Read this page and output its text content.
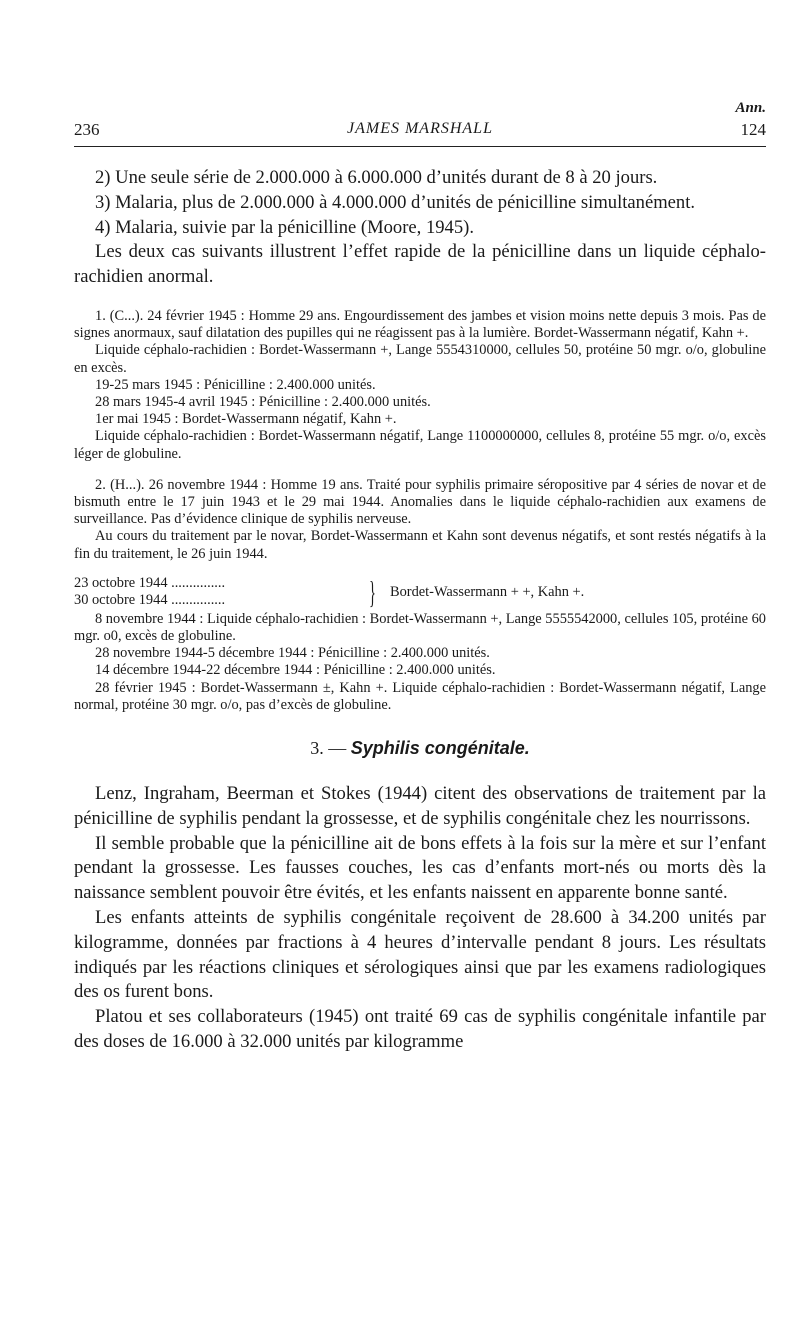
Ann.
236	JAMES MARSHALL	124

2) Une seule série de 2.000.000 à 6.000.000 d’unités durant de 8 à 20 jours.

3) Malaria, plus de 2.000.000 à 4.000.000 d’unités de pénicilline simultanément.

4) Malaria, suivie par la pénicilline (Moore, 1945).

Les deux cas suivants illustrent l’effet rapide de la pénicilline dans un liquide céphalo-rachidien anormal.

1. (C...). 24 février 1945 : Homme 29 ans. Engourdissement des jambes et vision moins nette depuis 3 mois. Pas de signes anormaux, sauf dilatation des pupilles qui ne réagissent pas à la lumière. Bordet-Wassermann négatif, Kahn +.

Liquide céphalo-rachidien : Bordet-Wassermann +, Lange 5554310000, cellules 50, protéine 50 mgr. o/o, globuline en excès.

19-25 mars 1945 : Pénicilline : 2.400.000 unités.

28 mars 1945-4 avril 1945 : Pénicilline : 2.400.000 unités.

1er mai 1945 : Bordet-Wassermann négatif, Kahn +.

Liquide céphalo-rachidien : Bordet-Wassermann négatif, Lange 1100000000, cellules 8, protéine 55 mgr. o/o, excès léger de globuline.

2. (H...). 26 novembre 1944 : Homme 19 ans. Traité pour syphilis primaire séropositive par 4 séries de novar et de bismuth entre le 17 juin 1943 et le 29 mai 1944. Anomalies dans le liquide céphalo-rachidien aux examens de surveillance. Pas d’évidence clinique de syphilis nerveuse.

Au cours du traitement par le novar, Bordet-Wassermann et Kahn sont devenus négatifs, et sont restés négatifs à la fin du traitement, le 26 juin 1944.

23 octobre 1944 ...............
30 octobre 1944 ...............	} Bordet-Wassermann + +, Kahn +.

8 novembre 1944 : Liquide céphalo-rachidien : Bordet-Wassermann +, Lange 5555542000, cellules 105, protéine 60 mgr. o0, excès de globuline.

28 novembre 1944-5 décembre 1944 : Pénicilline : 2.400.000 unités.

14 décembre 1944-22 décembre 1944 : Pénicilline : 2.400.000 unités.

28 février 1945 : Bordet-Wassermann ±, Kahn +. Liquide céphalo-rachidien : Bordet-Wassermann négatif, Lange normal, protéine 30 mgr. o/o, pas d’excès de globuline.

3. — Syphilis congénitale.

Lenz, Ingraham, Beerman et Stokes (1944) citent des observations de traitement par la pénicilline de syphilis pendant la grossesse, et de syphilis congénitale chez les nourrissons.

Il semble probable que la pénicilline ait de bons effets à la fois sur la mère et sur l’enfant pendant la grossesse. Les fausses couches, les cas d’enfants mort-nés ou morts dès la naissance semblent pouvoir être évités, et les enfants naissent en apparente bonne santé.

Les enfants atteints de syphilis congénitale reçoivent de 28.600 à 34.200 unités par kilogramme, données par fractions à 4 heures d’intervalle pendant 8 jours. Les résultats indiqués par les réactions cliniques et sérologiques ainsi que par les examens radiologiques des os furent bons.

Platou et ses collaborateurs (1945) ont traité 69 cas de syphilis congénitale infantile par des doses de 16.000 à 32.000 unités par kilogramme
